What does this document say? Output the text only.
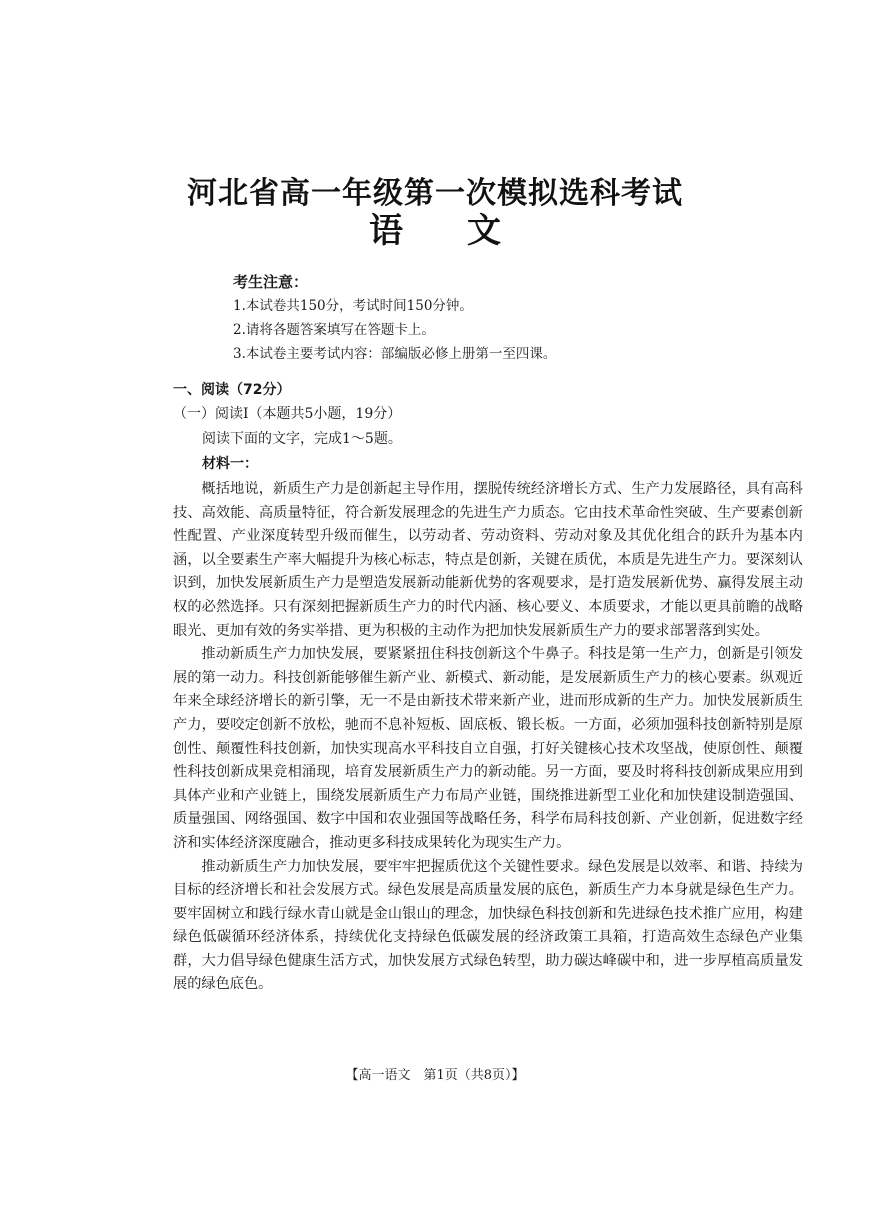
河北省高一年级第一次模拟选科考试
语文
考生注意：
1.本试卷共150分，考试时间150分钟。
2.请将各题答案填写在答题卡上。
3.本试卷主要考试内容：部编版必修上册第一至四课。
一、阅读（72分）
（一）阅读Ⅰ（本题共5小题，19分）
阅读下面的文字，完成1～5题。
材料一：

概括地说，新质生产力是创新起主导作用，摆脱传统经济增长方式、生产力发展路径，具有高科技、高效能、高质量特征，符合新发展理念的先进生产力质态。它由技术革命性突破、生产要素创新性配置、产业深度转型升级而催生，以劳动者、劳动资料、劳动对象及其优化组合的跃升为基本内涵，以全要素生产率大幅提升为核心标志，特点是创新，关键在质优，本质是先进生产力。要深刻认识到，加快发展新质生产力是塑造发展新动能新优势的客观要求，是打造发展新优势、赢得发展主动权的必然选择。只有深刻把握新质生产力的时代内涵、核心要义、本质要求，才能以更具前瞻的战略眼光、更加有效的务实举措、更为积极的主动作为把加快发展新质生产力的要求部署落到实处。

推动新质生产力加快发展，要紧紧扭住科技创新这个牛鼻子。科技是第一生产力，创新是引领发展的第一动力。科技创新能够催生新产业、新模式、新动能，是发展新质生产力的核心要素。纵观近年来全球经济增长的新引擎，无一不是由新技术带来新产业，进而形成新的生产力。加快发展新质生产力，要咬定创新不放松，驰而不息补短板、固底板、锻长板。一方面，必须加强科技创新特别是原创性、颠覆性科技创新，加快实现高水平科技自立自强，打好关键核心技术攻坚战，使原创性、颠覆性科技创新成果竞相涌现，培育发展新质生产力的新动能。另一方面，要及时将科技创新成果应用到具体产业和产业链上，围绕发展新质生产力布局产业链，围绕推进新型工业化和加快建设制造强国、质量强国、网络强国、数字中国和农业强国等战略任务，科学布局科技创新、产业创新，促进数字经济和实体经济深度融合，推动更多科技成果转化为现实生产力。

推动新质生产力加快发展，要牢牢把握质优这个关键性要求。绿色发展是以效率、和谐、持续为目标的经济增长和社会发展方式。绿色发展是高质量发展的底色，新质生产力本身就是绿色生产力。要牢固树立和践行绿水青山就是金山银山的理念，加快绿色科技创新和先进绿色技术推广应用，构建绿色低碳循环经济体系，持续优化支持绿色低碳发展的经济政策工具箱，打造高效生态绿色产业集群，大力倡导绿色健康生活方式，加快发展方式绿色转型，助力碳达峰碳中和，进一步厚植高质量发展的绿色底色。

【高一语文　第1页（共8页）】
